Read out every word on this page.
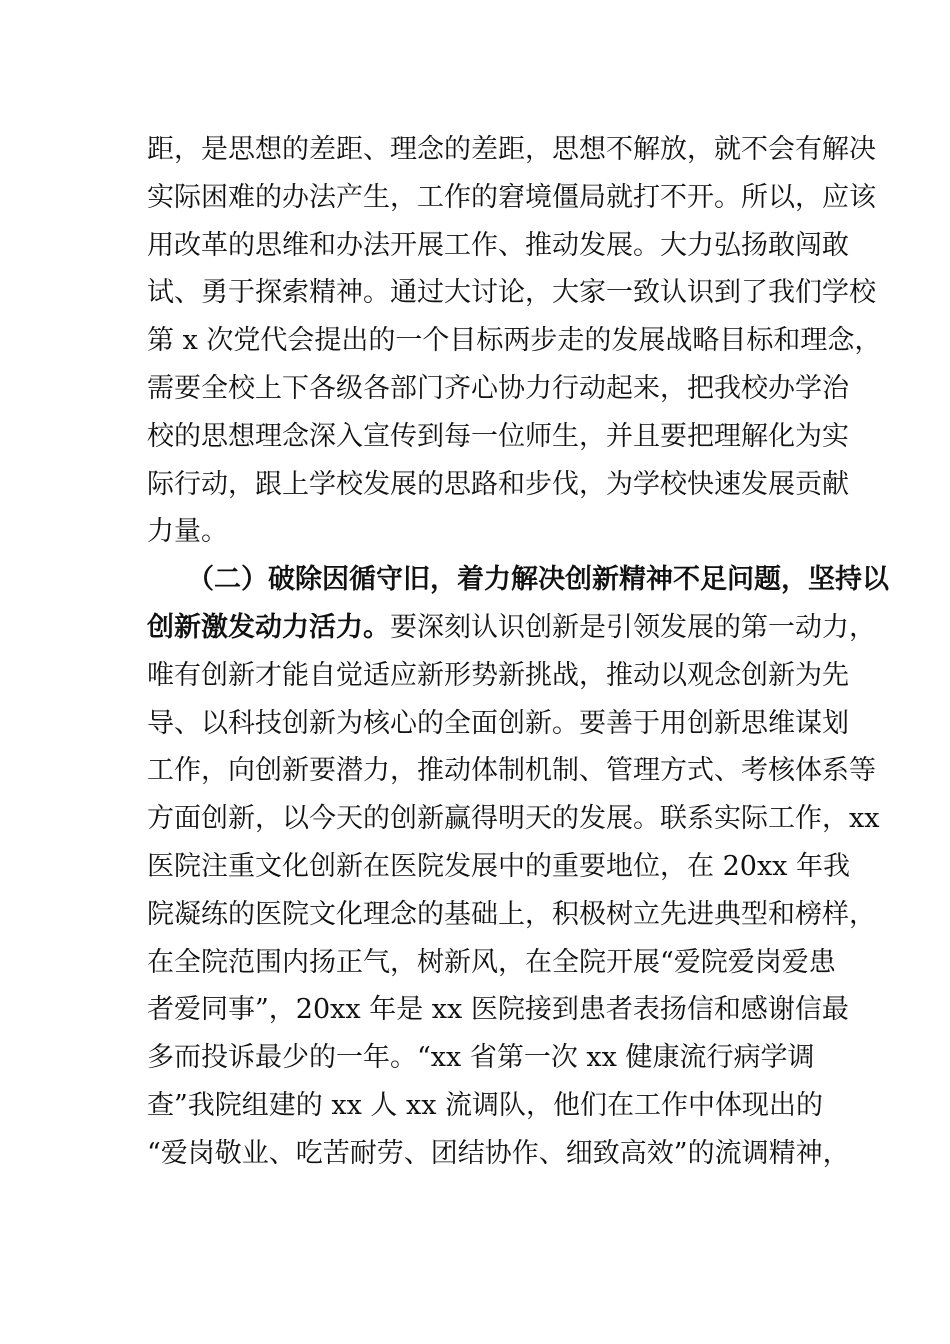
距，是思想的差距、理念的差距，思想不解放，就不会有解决
实际困难的办法产生，工作的窘境僵局就打不开。所以，应该
用改革的思维和办法开展工作、推动发展。大力弘扬敢闯敢
试、勇于探索精神。通过大讨论，大家一致认识到了我们学校
第 x 次党代会提出的一个目标两步走的发展战略目标和理念，
需要全校上下各级各部门齐心协力行动起来，把我校办学治
校的思想理念深入宣传到每一位师生，并且要把理解化为实
际行动，跟上学校发展的思路和步伐，为学校快速发展贡献
力量。
（二）破除因循守旧，着力解决创新精神不足问题，坚持以
创新激发动力活力。要深刻认识创新是引领发展的第一动力，
唯有创新才能自觉适应新形势新挑战，推动以观念创新为先
导、以科技创新为核心的全面创新。要善于用创新思维谋划
工作，向创新要潜力，推动体制机制、管理方式、考核体系等
方面创新，以今天的创新赢得明天的发展。联系实际工作，xx
医院注重文化创新在医院发展中的重要地位，在 20xx 年我
院凝练的医院文化理念的基础上，积极树立先进典型和榜样，
在全院范围内扬正气，树新风，在全院开展“爱院爱岗爱患
者爱同事”，20xx 年是 xx 医院接到患者表扬信和感谢信最
多而投诉最少的一年。“xx 省第一次 xx 健康流行病学调
查”我院组建的 xx 人 xx 流调队，他们在工作中体现出的
“爱岗敬业、吃苦耐劳、团结协作、细致高效”的流调精神，
